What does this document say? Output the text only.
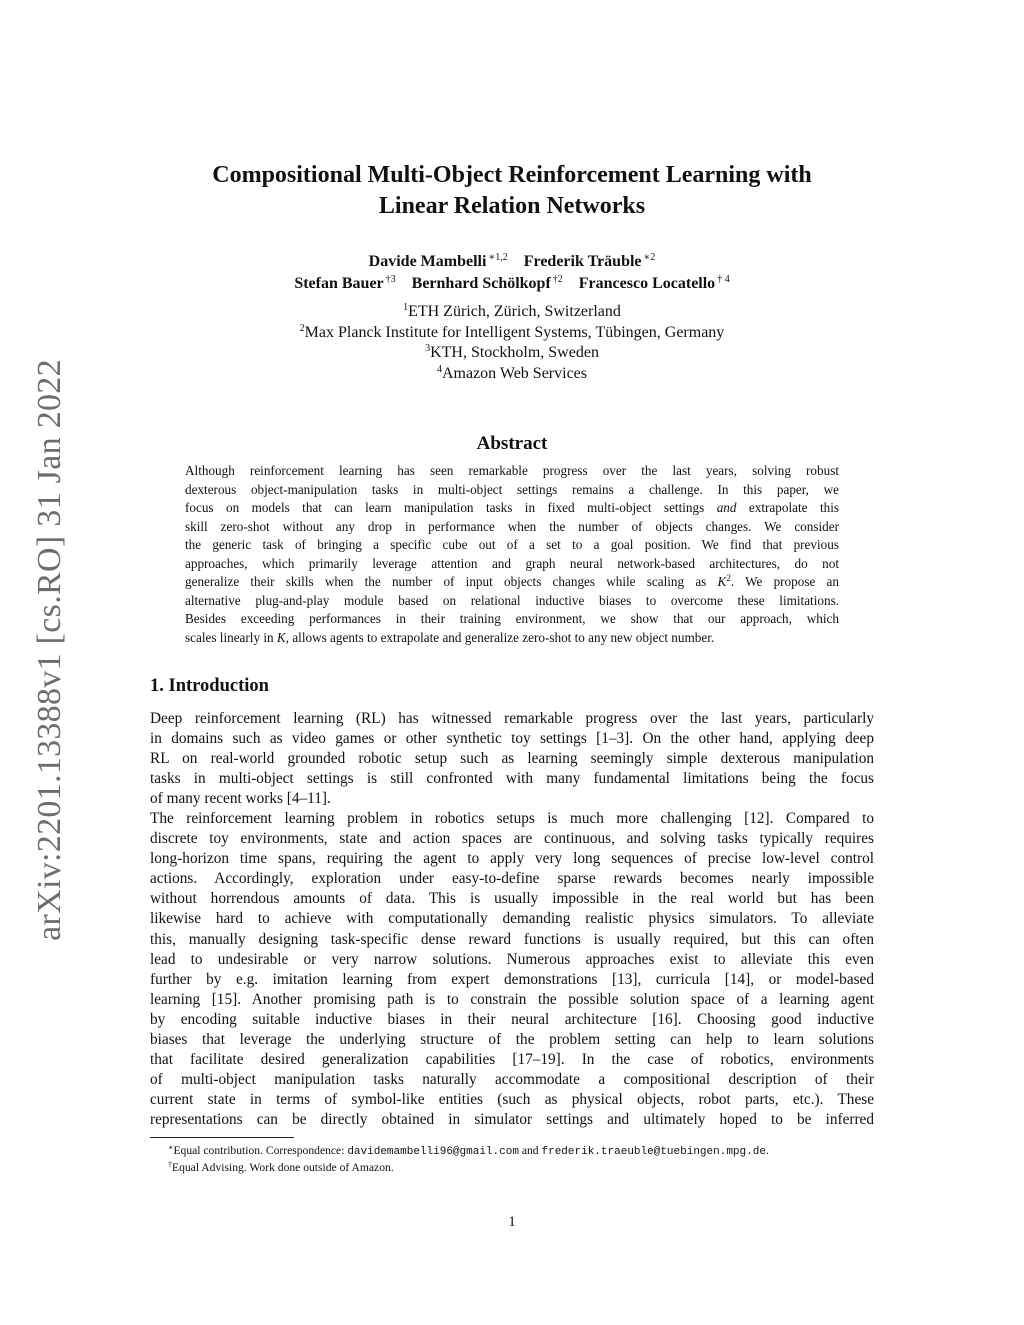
arXiv:2201.13388v1 [cs.RO] 31 Jan 2022
Compositional Multi-Object Reinforcement Learning with
Linear Relation Networks
Davide Mambelli $^{∗1,2}$ Frederik Träuble $^{∗2}$
Stefan Bauer $^{\dagger 3}$ Bernhard Schölkopf $^{\dagger 2}$ Francesco Locatello $^{\dagger 4}$
$^1$ETH Zürich, Zürich, Switzerland
$^2$Max Planck Institute for Intelligent Systems, Tübingen, Germany
$^3$KTH, Stockholm, Sweden
$^4$Amazon Web Services
Abstract
Although reinforcement learning has seen remarkable progress over the last years, solving robust
dexterous object-manipulation tasks in multi-object settings remains a challenge. In this paper, we
focus on models that can learn manipulation tasks in fixed multi-object settings and extrapolate this
skill zero-shot without any drop in performance when the number of objects changes. We consider
the generic task of bringing a specific cube out of a set to a goal position. We find that previous
approaches, which primarily leverage attention and graph neural network-based architectures, do not
generalize their skills when the number of input objects changes while scaling as $K^2$. We propose an
alternative plug-and-play module based on relational inductive biases to overcome these limitations.
Besides exceeding performances in their training environment, we show that our approach, which
scales linearly in K, allows agents to extrapolate and generalize zero-shot to any new object number.
1. Introduction
Deep reinforcement learning (RL) has witnessed remarkable progress over the last years, particularly
in domains such as video games or other synthetic toy settings [1–3]. On the other hand, applying deep
RL on real-world grounded robotic setup such as learning seemingly simple dexterous manipulation
tasks in multi-object settings is still confronted with many fundamental limitations being the focus
of many recent works [4–11].
The reinforcement learning problem in robotics setups is much more challenging [12]. Compared to
discrete toy environments, state and action spaces are continuous, and solving tasks typically requires
long-horizon time spans, requiring the agent to apply very long sequences of precise low-level control
actions. Accordingly, exploration under easy-to-define sparse rewards becomes nearly impossible
without horrendous amounts of data. This is usually impossible in the real world but has been
likewise hard to achieve with computationally demanding realistic physics simulators. To alleviate
this, manually designing task-specific dense reward functions is usually required, but this can often
lead to undesirable or very narrow solutions. Numerous approaches exist to alleviate this even
further by e.g. imitation learning from expert demonstrations [13], curricula [14], or model-based
learning [15]. Another promising path is to constrain the possible solution space of a learning agent
by encoding suitable inductive biases in their neural architecture [16]. Choosing good inductive
biases that leverage the underlying structure of the problem setting can help to learn solutions
that facilitate desired generalization capabilities [17–19]. In the case of robotics, environments
of multi-object manipulation tasks naturally accommodate a compositional description of their
current state in terms of symbol-like entities (such as physical objects, robot parts, etc.). These
representations can be directly obtained in simulator settings and ultimately hoped to be inferred
∗Equal contribution. Correspondence: davidemambelli96@gmail.com and frederik.traeuble@tuebingen.mpg.de.
†Equal Advising. Work done outside of Amazon.
1
